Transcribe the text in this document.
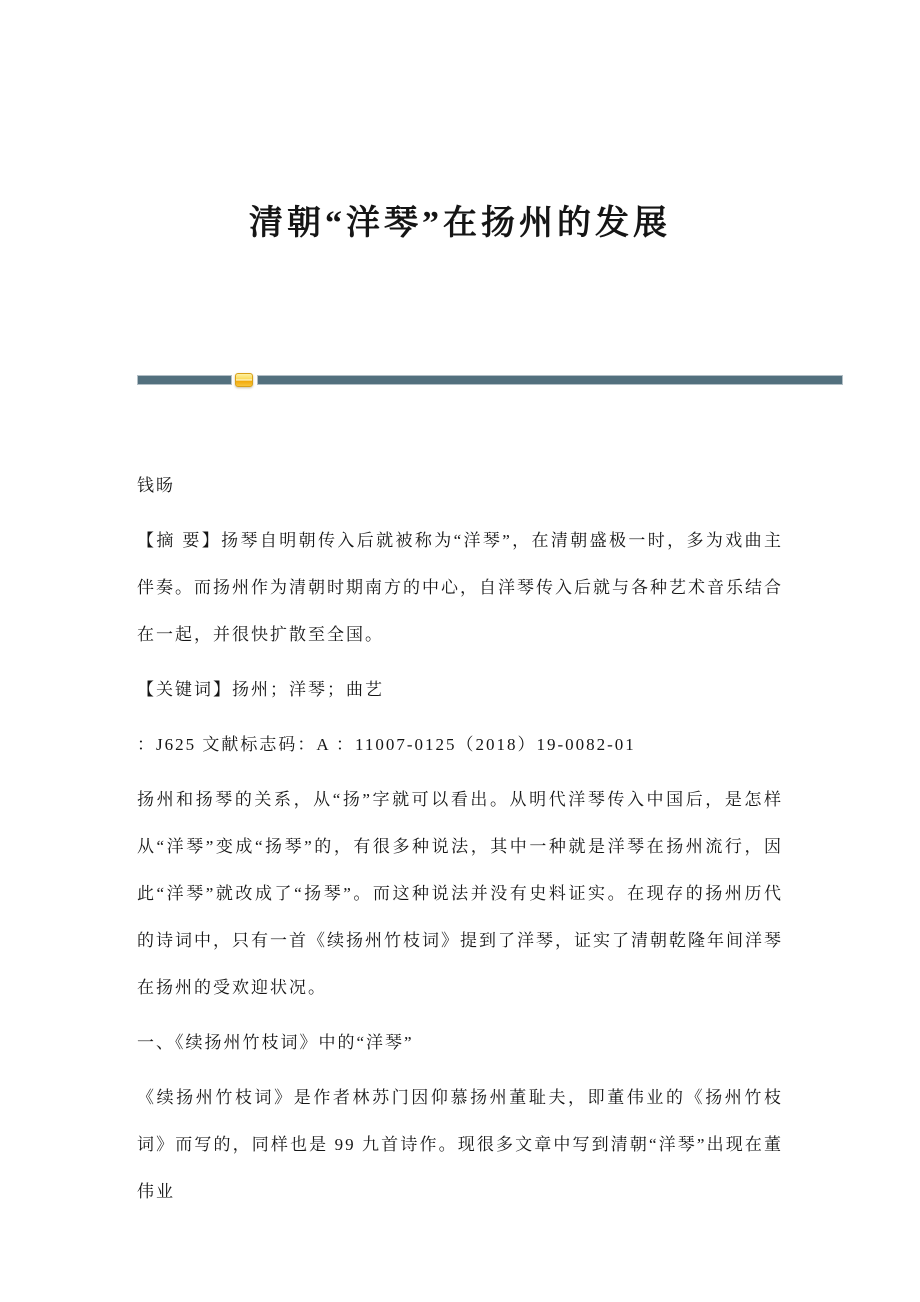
清朝“洋琴”在扬州的发展

钱旸

【摘 要】扬琴自明朝传入后就被称为“洋琴”，在清朝盛极一时，多为戏曲主伴奏。而扬州作为清朝时期南方的中心，自洋琴传入后就与各种艺术音乐结合在一起，并很快扩散至全国。

【关键词】扬州；洋琴；曲艺

：J625 文献标志码：A ：11007-0125（2018）19-0082-01

扬州和扬琴的关系，从“扬”字就可以看出。从明代洋琴传入中国后，是怎样从“洋琴”变成“扬琴”的，有很多种说法，其中一种就是洋琴在扬州流行，因此“洋琴”就改成了“扬琴”。而这种说法并没有史料证实。在现存的扬州历代的诗词中，只有一首《续扬州竹枝词》提到了洋琴，证实了清朝乾隆年间洋琴在扬州的受欢迎状况。

一、《续扬州竹枝词》中的“洋琴”

《续扬州竹枝词》是作者林苏门因仰慕扬州董耻夫，即董伟业的《扬州竹枝词》而写的，同样也是 99 九首诗作。现很多文章中写到清朝“洋琴”出现在董伟业
